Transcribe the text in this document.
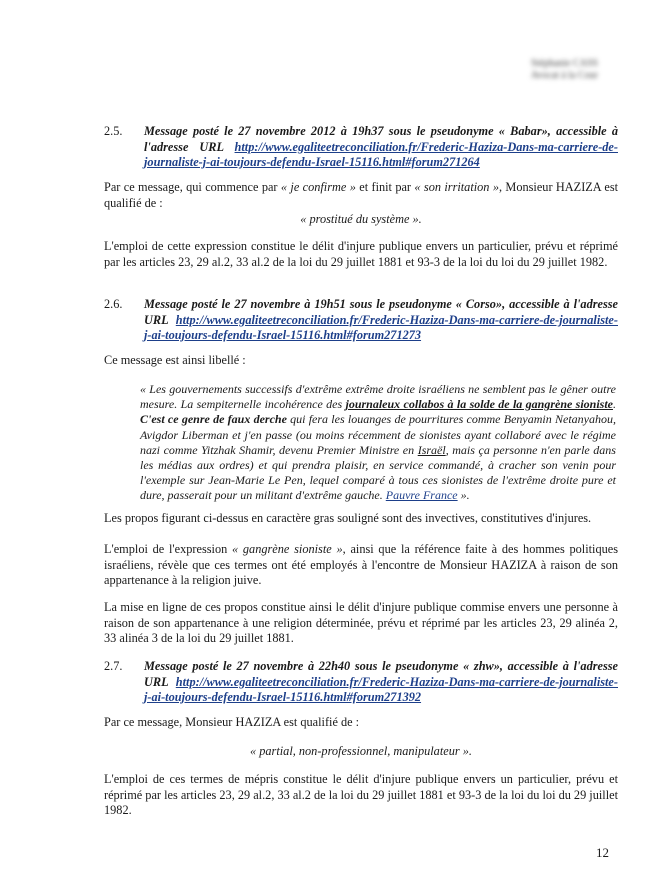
Stéphanie CASS
Avocat à la Cour
2.5.	Message posté le 27 novembre 2012 à 19h37 sous le pseudonyme « Babar», accessible à l'adresse URL http://www.egaliteetreconciliation.fr/Frederic-Haziza-Dans-ma-carriere-de-journaliste-j-ai-toujours-defendu-Israel-15116.html#forum271264
Par ce message, qui commence par « je confirme » et finit par « son irritation », Monsieur HAZIZA est qualifié de :
« prostitué du système ».
L'emploi de cette expression constitue le délit d'injure publique envers un particulier, prévu et réprimé par les articles 23, 29 al.2, 33 al.2 de la loi du 29 juillet 1881 et 93-3 de la loi du loi du 29 juillet 1982.
2.6.	Message posté le 27 novembre à 19h51 sous le pseudonyme « Corso», accessible à l'adresse URL http://www.egaliteetreconciliation.fr/Frederic-Haziza-Dans-ma-carriere-de-journaliste-j-ai-toujours-defendu-Israel-15116.html#forum271273
Ce message est ainsi libellé :
« Les gouvernements successifs d'extrême extrême droite israéliens ne semblent pas le gêner outre mesure. La sempiternelle incohérence des journaleux collabos à la solde de la gangrène sioniste. C'est ce genre de faux derche qui fera les louanges de pourritures comme Benyamin Netanyahou, Avigdor Liberman et j'en passe (ou moins récemment de sionistes ayant collaboré avec le régime nazi comme Yitzhak Shamir, devenu Premier Ministre en Israël, mais ça personne n'en parle dans les médias aux ordres) et qui prendra plaisir, en service commandé, à cracher son venin pour l'exemple sur Jean-Marie Le Pen, lequel comparé à tous ces sionistes de l'extrême droite pure et dure, passerait pour un militant d'extrême gauche. Pauvre France ».
Les propos figurant ci-dessus en caractère gras souligné sont des invectives, constitutives d'injures.
L'emploi de l'expression « gangrène sioniste », ainsi que la référence faite à des hommes politiques israéliens, révèle que ces termes ont été employés à l'encontre de Monsieur HAZIZA à raison de son appartenance à la religion juive.
La mise en ligne de ces propos constitue ainsi le délit d'injure publique commise envers une personne à raison de son appartenance à une religion déterminée, prévu et réprimé par les articles 23, 29 alinéa 2, 33 alinéa 3 de la loi du 29 juillet 1881.
2.7.	Message posté le 27 novembre à 22h40 sous le pseudonyme « zhw», accessible à l'adresse URL http://www.egaliteetreconciliation.fr/Frederic-Haziza-Dans-ma-carriere-de-journaliste-j-ai-toujours-defendu-Israel-15116.html#forum271392
Par ce message, Monsieur HAZIZA est qualifié de :
« partial, non-professionnel, manipulateur ».
L'emploi de ces termes de mépris constitue le délit d'injure publique envers un particulier, prévu et réprimé par les articles 23, 29 al.2, 33 al.2 de la loi du 29 juillet 1881 et 93-3 de la loi du loi du 29 juillet 1982.
12
